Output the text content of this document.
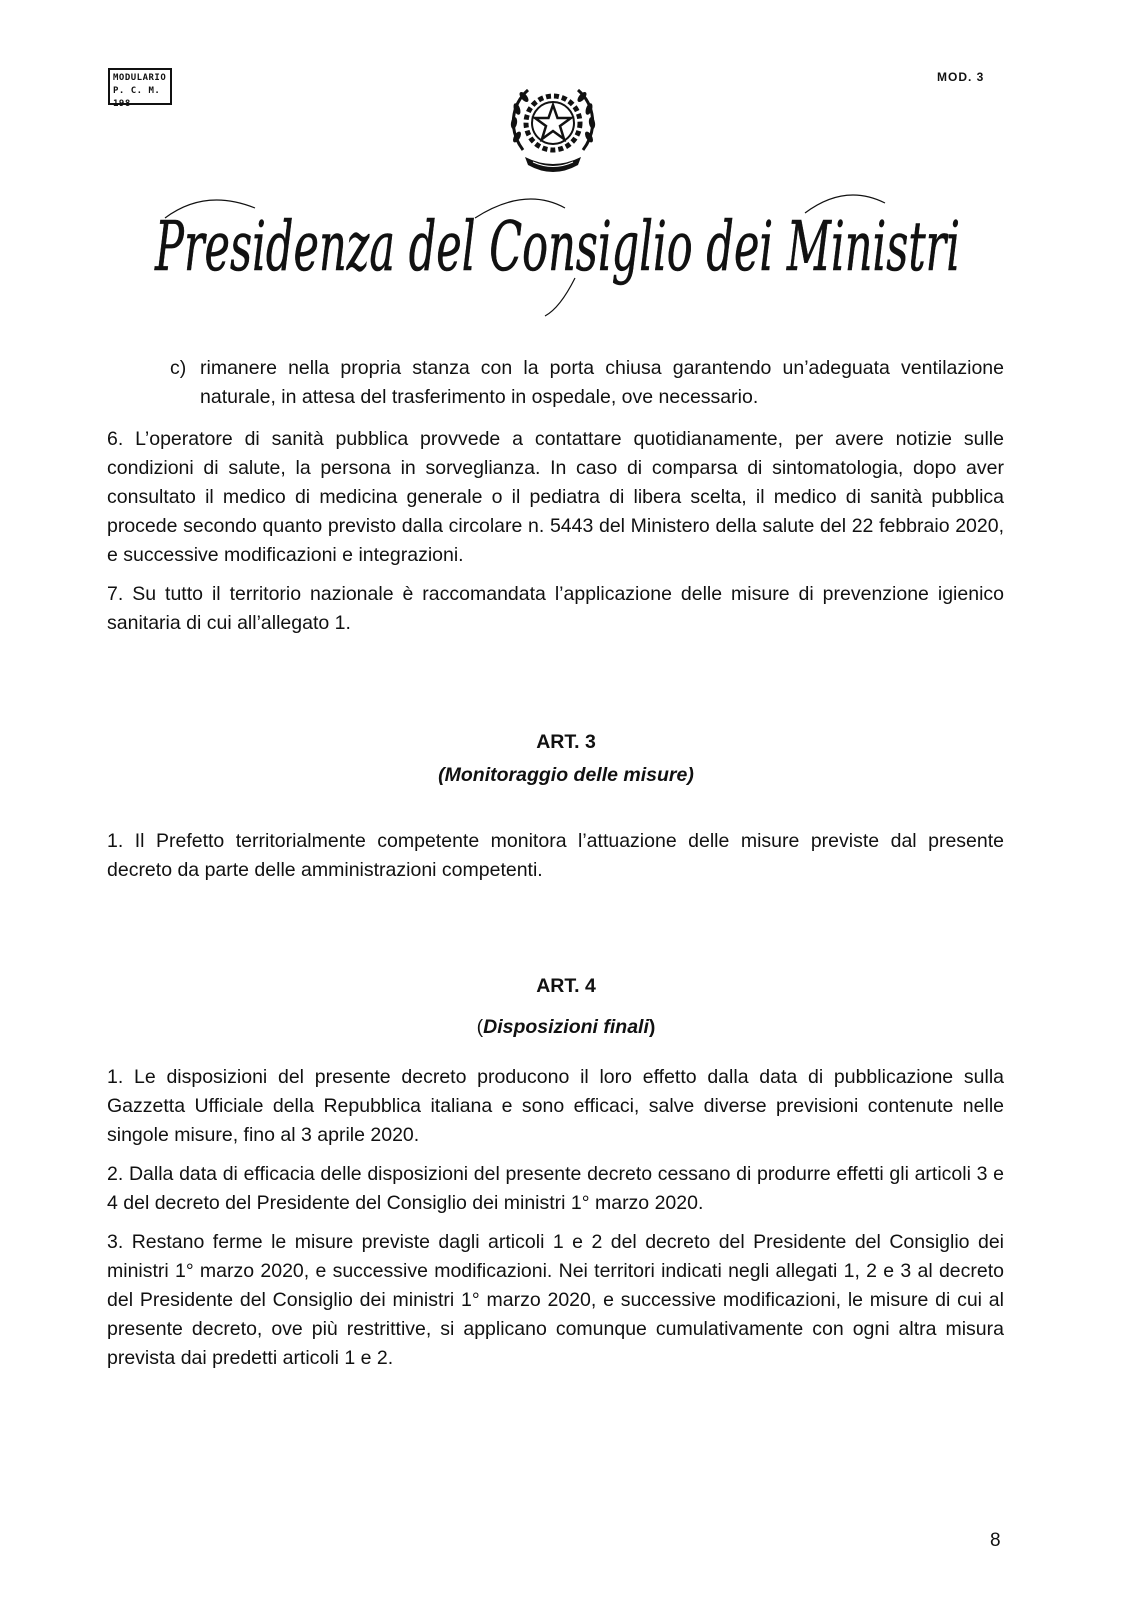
MODULARIO
P. C. M. 198
MOD. 3
Presidenza del Consiglio dei Ministri
c) rimanere nella propria stanza con la porta chiusa garantendo un’adeguata ventilazione naturale, in attesa del trasferimento in ospedale, ove necessario.

6. L’operatore di sanità pubblica provvede a contattare quotidianamente, per avere notizie sulle condizioni di salute, la persona in sorveglianza. In caso di comparsa di sintomatologia, dopo aver consultato il medico di medicina generale o il pediatra di libera scelta, il medico di sanità pubblica procede secondo quanto previsto dalla circolare n. 5443 del Ministero della salute del 22 febbraio 2020, e successive modificazioni e integrazioni.

7. Su tutto il territorio nazionale è raccomandata l’applicazione delle misure di prevenzione igienico sanitaria di cui all’allegato 1.

ART. 3
(Monitoraggio delle misure)

1. Il Prefetto territorialmente competente monitora l’attuazione delle misure previste dal presente decreto da parte delle amministrazioni competenti.

ART. 4
(Disposizioni finali)

1. Le disposizioni del presente decreto producono il loro effetto dalla data di pubblicazione sulla Gazzetta Ufficiale della Repubblica italiana e sono efficaci, salve diverse previsioni contenute nelle singole misure, fino al 3 aprile 2020.

2. Dalla data di efficacia delle disposizioni del presente decreto cessano di produrre effetti gli articoli 3 e 4 del decreto del Presidente del Consiglio dei ministri 1° marzo 2020.

3. Restano ferme le misure previste dagli articoli 1 e 2 del decreto del Presidente del Consiglio dei ministri 1° marzo 2020, e successive modificazioni. Nei territori indicati negli allegati 1, 2 e 3 al decreto del Presidente del Consiglio dei ministri 1° marzo 2020, e successive modificazioni, le misure di cui al presente decreto, ove più restrittive, si applicano comunque cumulativamente con ogni altra misura prevista dai predetti articoli 1 e 2.

8
